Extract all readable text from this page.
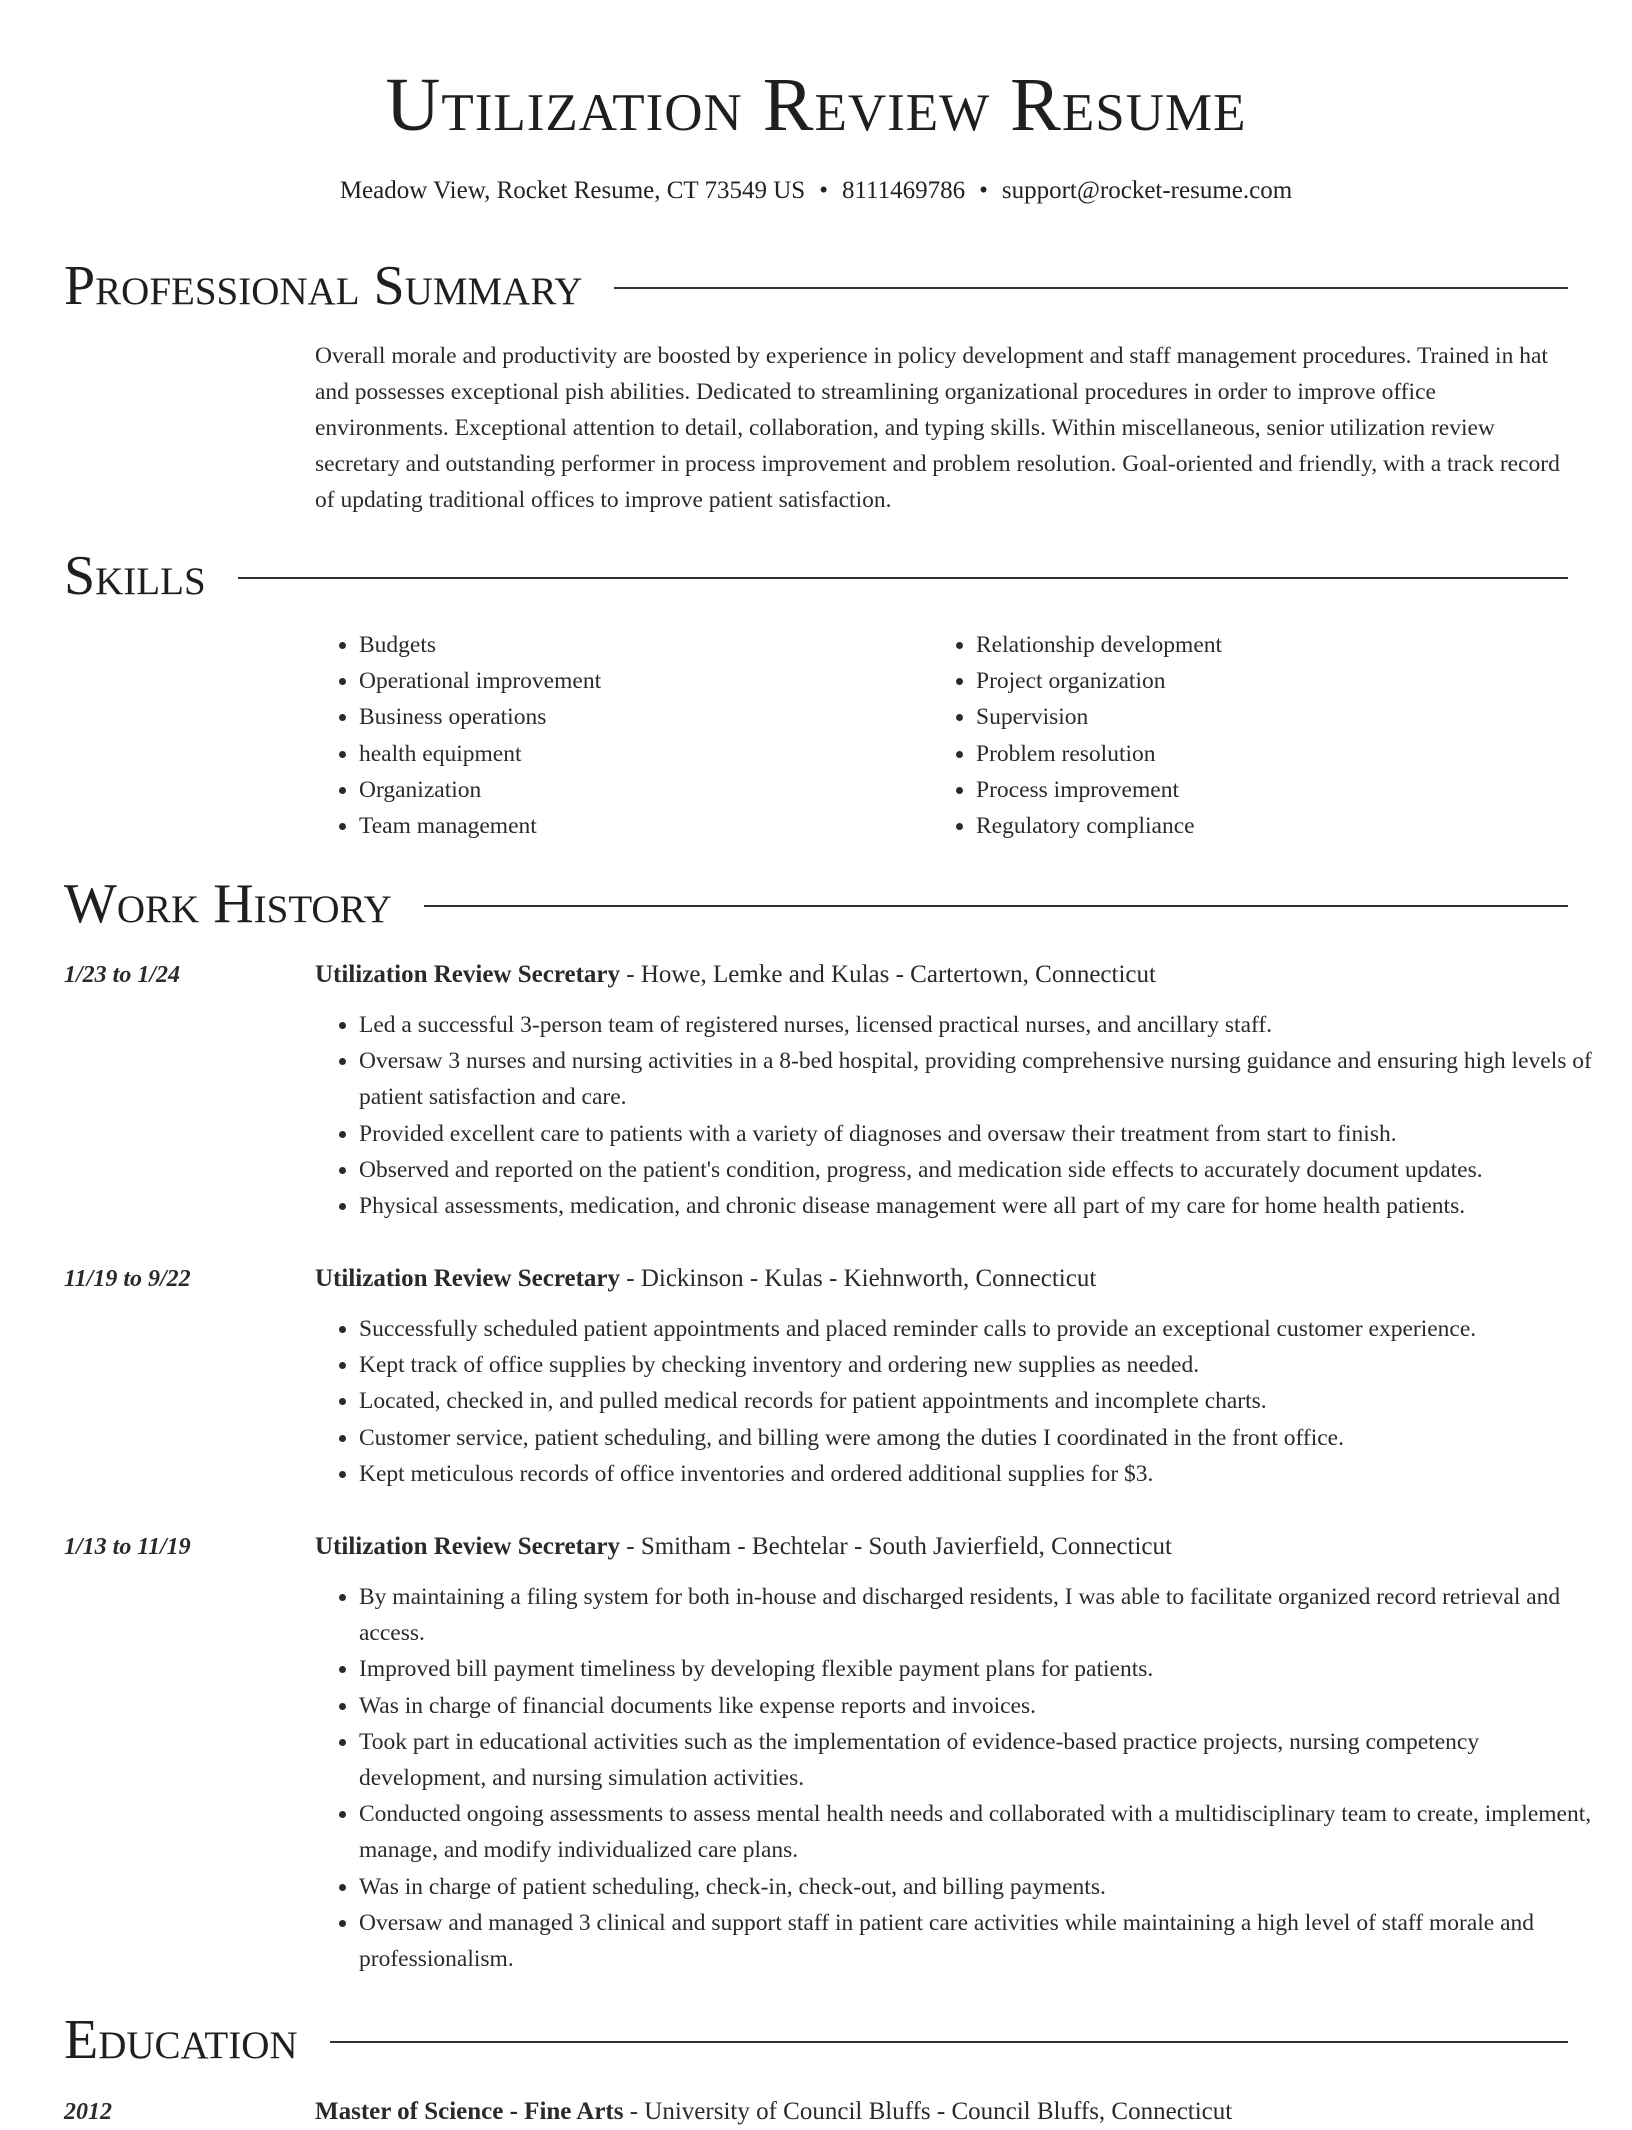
Utilization Review Resume
Meadow View, Rocket Resume, CT 73549 US • 8111469786 • support@rocket-resume.com
Professional Summary
Overall morale and productivity are boosted by experience in policy development and staff management procedures. Trained in hat and possesses exceptional pish abilities. Dedicated to streamlining organizational procedures in order to improve office environments. Exceptional attention to detail, collaboration, and typing skills. Within miscellaneous, senior utilization review secretary and outstanding performer in process improvement and problem resolution. Goal-oriented and friendly, with a track record of updating traditional offices to improve patient satisfaction.
Skills
• Budgets
• Operational improvement
• Business operations
• health equipment
• Organization
• Team management
• Relationship development
• Project organization
• Supervision
• Problem resolution
• Process improvement
• Regulatory compliance
Work History
1/23 to 1/24	Utilization Review Secretary - Howe, Lemke and Kulas - Cartertown, Connecticut
• Led a successful 3-person team of registered nurses, licensed practical nurses, and ancillary staff.
• Oversaw 3 nurses and nursing activities in a 8-bed hospital, providing comprehensive nursing guidance and ensuring high levels of patient satisfaction and care.
• Provided excellent care to patients with a variety of diagnoses and oversaw their treatment from start to finish.
• Observed and reported on the patient's condition, progress, and medication side effects to accurately document updates.
• Physical assessments, medication, and chronic disease management were all part of my care for home health patients.
11/19 to 9/22	Utilization Review Secretary - Dickinson - Kulas - Kiehnworth, Connecticut
• Successfully scheduled patient appointments and placed reminder calls to provide an exceptional customer experience.
• Kept track of office supplies by checking inventory and ordering new supplies as needed.
• Located, checked in, and pulled medical records for patient appointments and incomplete charts.
• Customer service, patient scheduling, and billing were among the duties I coordinated in the front office.
• Kept meticulous records of office inventories and ordered additional supplies for $3.
1/13 to 11/19	Utilization Review Secretary - Smitham - Bechtelar - South Javierfield, Connecticut
• By maintaining a filing system for both in-house and discharged residents, I was able to facilitate organized record retrieval and access.
• Improved bill payment timeliness by developing flexible payment plans for patients.
• Was in charge of financial documents like expense reports and invoices.
• Took part in educational activities such as the implementation of evidence-based practice projects, nursing competency development, and nursing simulation activities.
• Conducted ongoing assessments to assess mental health needs and collaborated with a multidisciplinary team to create, implement, manage, and modify individualized care plans.
• Was in charge of patient scheduling, check-in, check-out, and billing payments.
• Oversaw and managed 3 clinical and support staff in patient care activities while maintaining a high level of staff morale and professionalism.
Education
2012	Master of Science - Fine Arts - University of Council Bluffs - Council Bluffs, Connecticut
